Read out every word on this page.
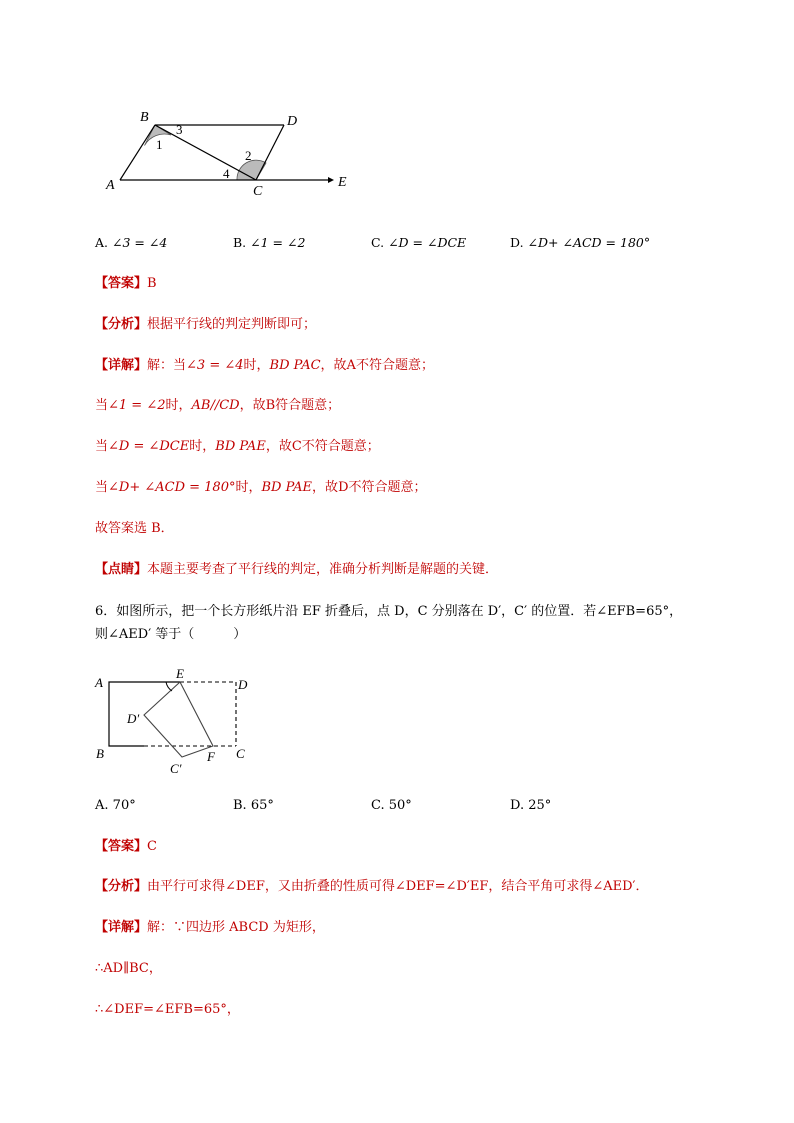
B	D
A	C
E
1
2
3
4
A. ∠3 = ∠4	B. ∠1 = ∠2	C. ∠D = ∠DCE	D. ∠D+ ∠ACD = 180°
【答案】B
【分析】根据平行线的判定判断即可；
【详解】解：当∠3 = ∠4时，BD PAC，故A不符合题意；
当∠1 = ∠2时，AB//CD，故B符合题意；
当∠D = ∠DCE时，BD PAE，故C不符合题意；
当∠D+ ∠ACD = 180°时，BD PAE，故D不符合题意；
故答案选 B．
【点睛】本题主要考查了平行线的判定，准确分析判断是解题的关键．
6．如图所示，把一个长方形纸片沿 EF 折叠后，点 D，C 分别落在 D′，C′ 的位置．若∠EFB=65°，
则∠AED′ 等于（　　　）
A
E
D
D′
B	F C
C′
A. 70°	B. 65°	C. 50°	D. 25°
【答案】C
【分析】由平行可求得∠DEF，又由折叠的性质可得∠DEF=∠D′EF，结合平角可求得∠AED′．
【详解】解：∵四边形 ABCD 为矩形，
∴AD∥BC，
∴∠DEF=∠EFB=65°，
